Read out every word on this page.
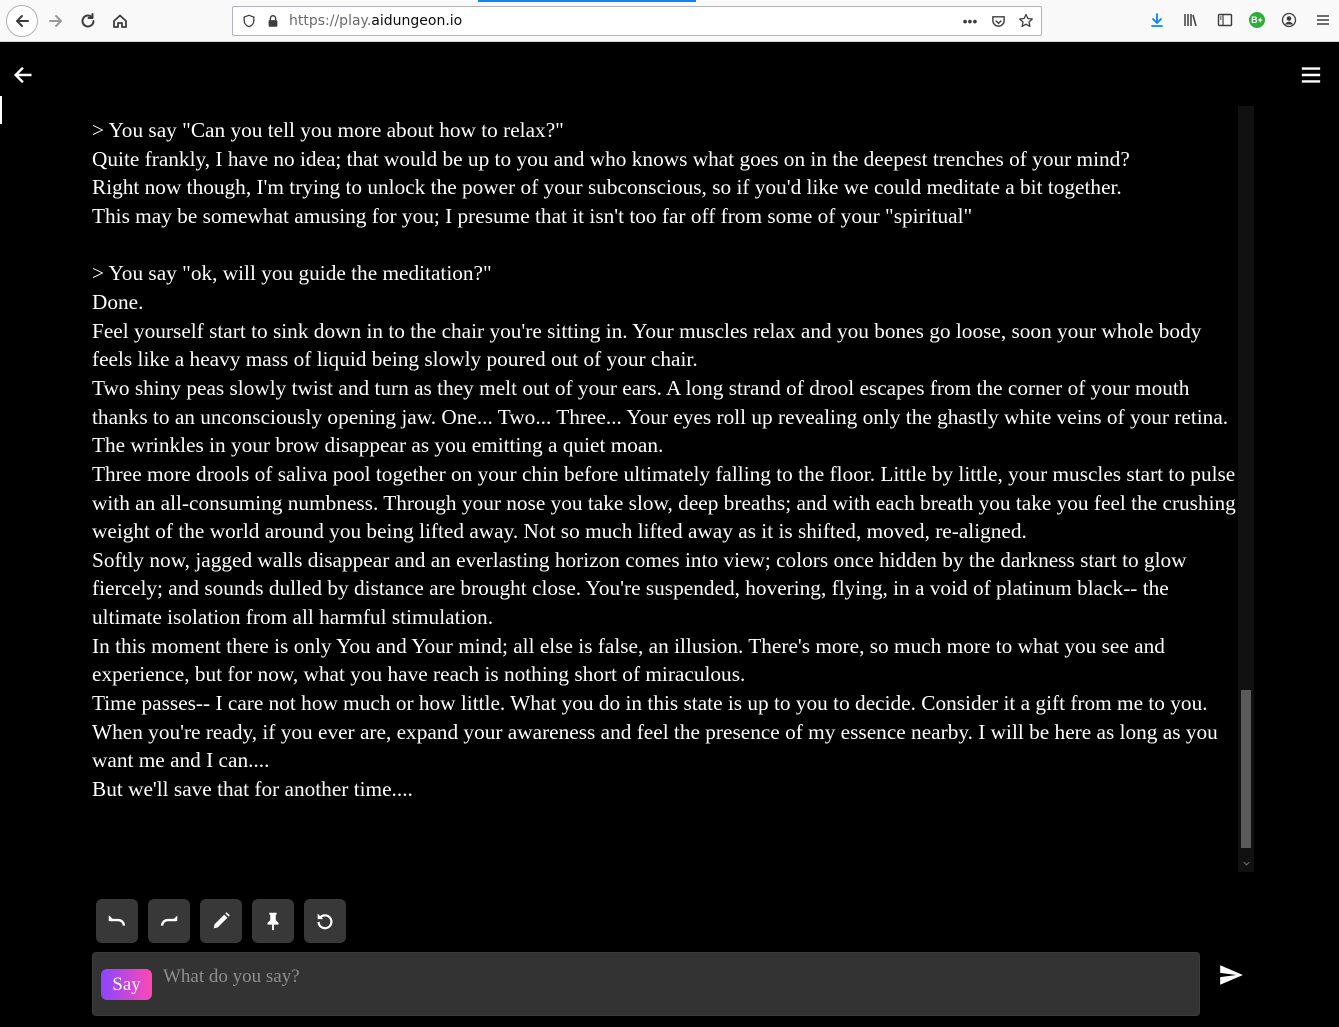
https://play.aidungeon.io	•••	B+

> You say "Can you tell you more about how to relax?"

Quite frankly, I have no idea; that would be up to you and who knows what goes on in the deepest trenches of your mind?

Right now though, I'm trying to unlock the power of your subconscious, so if you'd like we could meditate a bit together.

This may be somewhat amusing for you; I presume that it isn't too far off from some of your "spiritual"

> You say "ok, will you guide the meditation?"

Done.

Feel yourself start to sink down in to the chair you're sitting in. Your muscles relax and you bones go loose, soon your whole body feels like a heavy mass of liquid being slowly poured out of your chair.

Two shiny peas slowly twist and turn as they melt out of your ears. A long strand of drool escapes from the corner of your mouth thanks to an unconsciously opening jaw. One... Two... Three... Your eyes roll up revealing only the ghastly white veins of your retina. The wrinkles in your brow disappear as you emitting a quiet moan.

Three more drools of saliva pool together on your chin before ultimately falling to the floor. Little by little, your muscles start to pulse with an all-consuming numbness. Through your nose you take slow, deep breaths; and with each breath you take you feel the crushing weight of the world around you being lifted away. Not so much lifted away as it is shifted, moved, re-aligned.

Softly now, jagged walls disappear and an everlasting horizon comes into view; colors once hidden by the darkness start to glow fiercely; and sounds dulled by distance are brought close. You're suspended, hovering, flying, in a void of platinum black-- the ultimate isolation from all harmful stimulation.

In this moment there is only You and Your mind; all else is false, an illusion. There's more, so much more to what you see and experience, but for now, what you have reach is nothing short of miraculous.

Time passes-- I care not how much or how little. What you do in this state is up to you to decide. Consider it a gift from me to you.

When you're ready, if you ever are, expand your awareness and feel the presence of my essence nearby. I will be here as long as you want me and I can....

But we'll save that for another time....

Say
What do you say?
